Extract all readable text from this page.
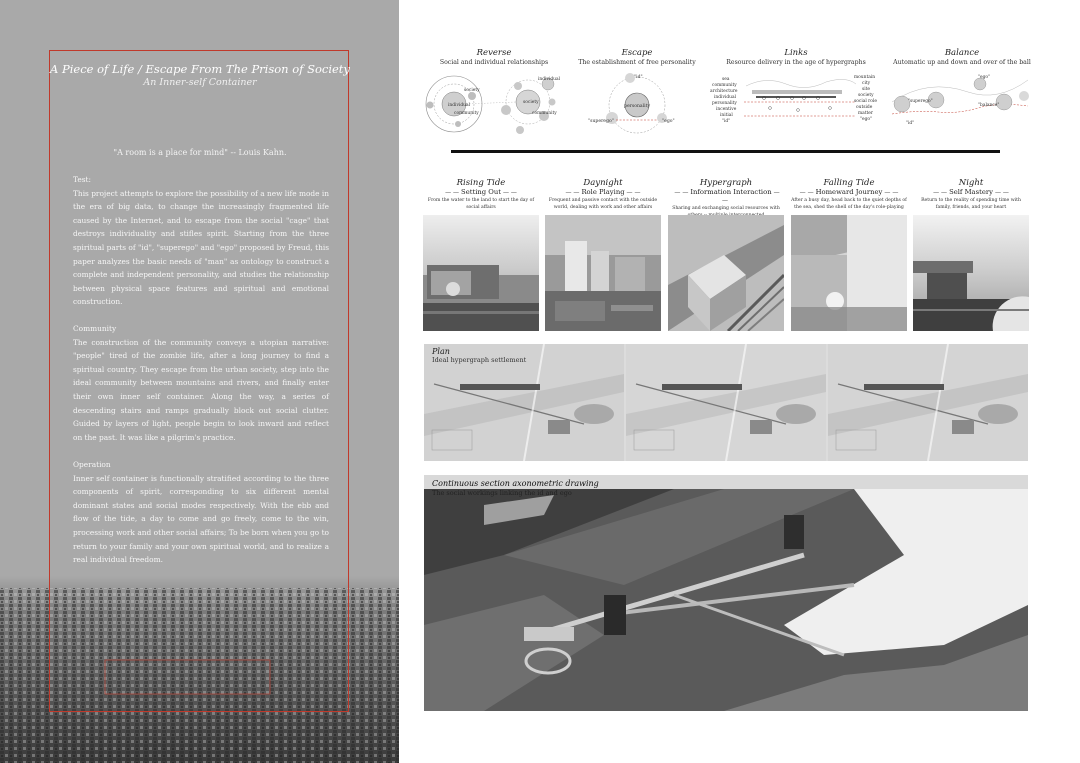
A Piece of Life / Escape From The Prison of Society
An Inner-self Container
"A room is a place for mind" -- Louis Kahn.
Test:
This project attempts to explore the possibility of a new life mode in the era of big data, to change the increasingly fragmented life caused by the Internet, and to escape from the social "cage" that destroys individuality and stifles spirit. Starting from the three spiritual parts of "id", "superego" and "ego" proposed by Freud, this paper analyzes the basic needs of "man" as ontology to construct a complete and independent personality, and studies the relationship between physical space features and spiritual and emotional construction.
Community
The construction of the community conveys a utopian narrative: "people" tired of the zombie life, after a long journey to find a spiritual country. They escape from the urban society, step into the ideal community between mountains and rivers, and finally enter their own inner self container. Along the way, a series of descending stairs and ramps gradually block out social clutter. Guided by layers of light, people begin to look inward and reflect on the past. It was like a pilgrim's practice.
Operation
Inner self container is functionally stratified according to the three components of spirit, corresponding to six different mental dominant states and social modes respectively. With the ebb and flow of the tide, a day to come and go freely, come to the win, processing work and other social affairs; To be born when you go to return to your family and your own spiritual world, and to realize a real individual freedom.
Reverse
Social and individual relationships
society
individual
community
individual
society
community
Escape
The establishment of free personality
"id"
personality
"superego"	"ego"
Links
Resource delivery in the age of hypergraphs
sea
community
architecture
individual
personality
incentive
initial
"id"
mountain
city
site
society
social role
outside
matter
"ego"
Balance
Automatic up and down and over of the ball
"ego"
"superego"
"balance"
"id"
Rising Tide
— — Setting Out — —
From the water to the land to start the day of social affairs
Daynight
— — Role Playing — —
Frequent and passive contact with the outside world, dealing with work and other affairs
Hypergraph
— — Information Interaction — —
Sharing and exchanging social resources with
Falling Tide
— — Homeward Journey — —
After a busy day, head back to the quiet depths of the sea, shed the shell of the day's role-playing
Night
— — Self Mastery — —
Return to the reality of spending time with family, friends, and your heart
Plan
Ideal hypergraph settlement
Continuous section axonometric drawing
The social workings linking the id and ego
